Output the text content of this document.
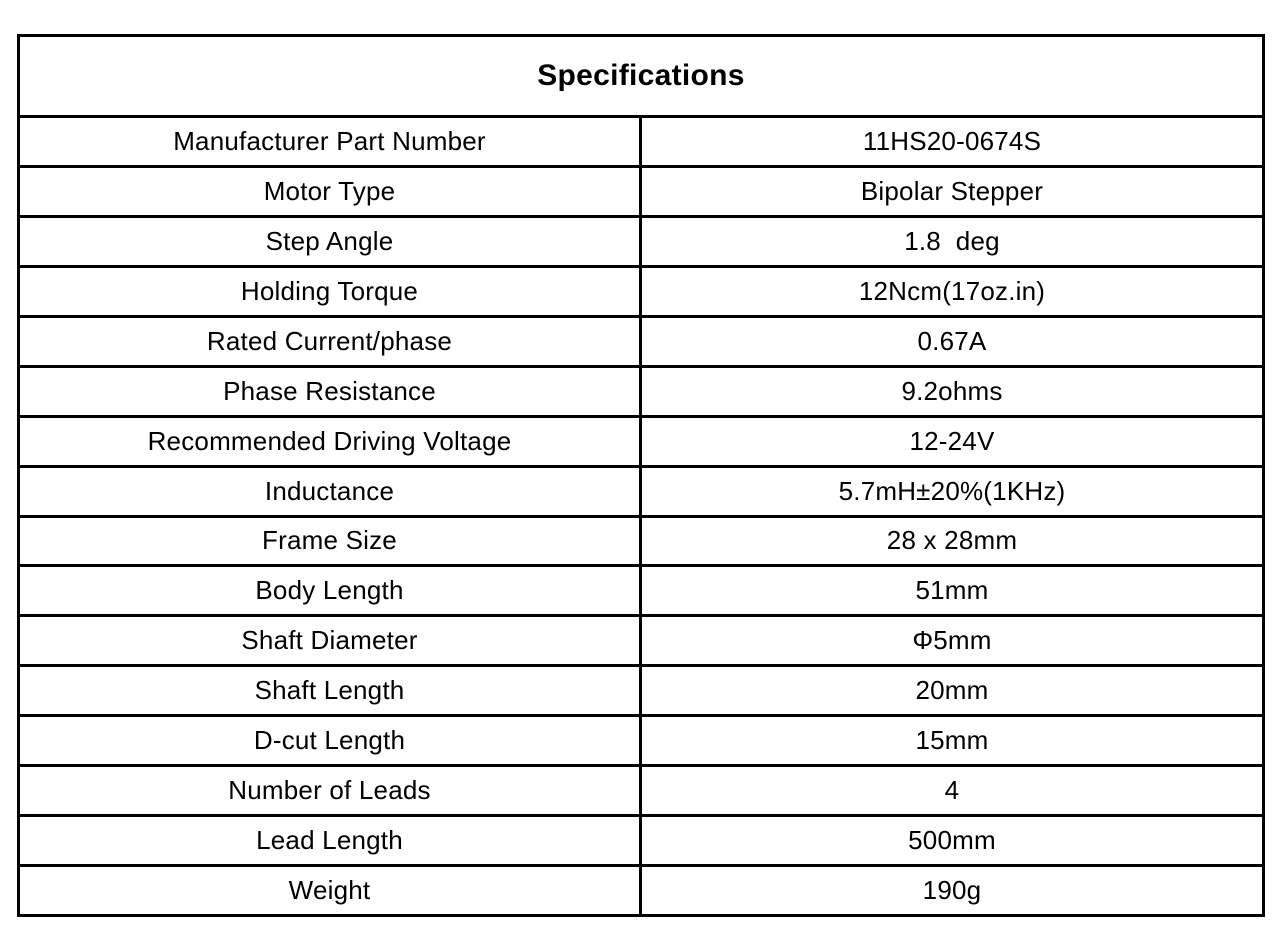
Specifications
Manufacturer Part Number	11HS20-0674S
Motor Type	Bipolar Stepper
Step Angle	1.8  deg
Holding Torque	12Ncm(17oz.in)
Rated Current/phase	0.67A
Phase Resistance	9.2ohms
Recommended Driving Voltage	12-24V
Inductance	5.7mH±20%(1KHz)
Frame Size	28 x 28mm
Body Length	51mm
Shaft Diameter	Φ5mm
Shaft Length	20mm
D-cut Length	15mm
Number of Leads	4
Lead Length	500mm
Weight	190g
